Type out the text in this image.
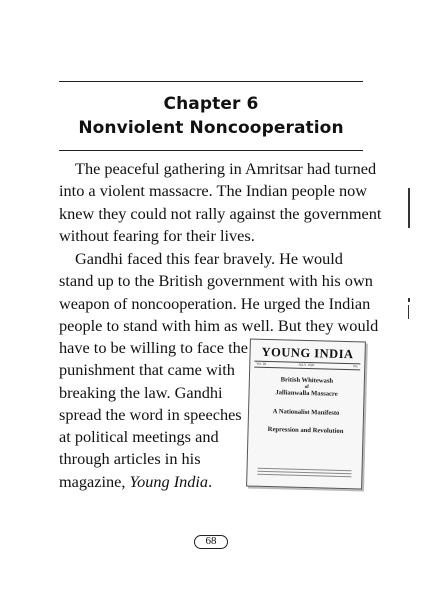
Chapter 6
Nonviolent Noncooperation
The peaceful gathering in Amritsar had turned
into a violent massacre. The Indian people now
knew they could not rally against the government
without fearing for their lives.
Gandhi faced this fear bravely. He would
stand up to the British government with his own
weapon of noncooperation. He urged the Indian
people to stand with him as well. But they would
have to be willing to face the
punishment that came with
breaking the law. Gandhi
spread the word in speeches
at political meetings and
through articles in his
magazine, Young India.
YOUNG INDIA
Vol. III	JULY 1920	No.
British Whitewash
of
Jallianwalla Massacre
A Nationalist Manifesto
Repression and Revolution
68
